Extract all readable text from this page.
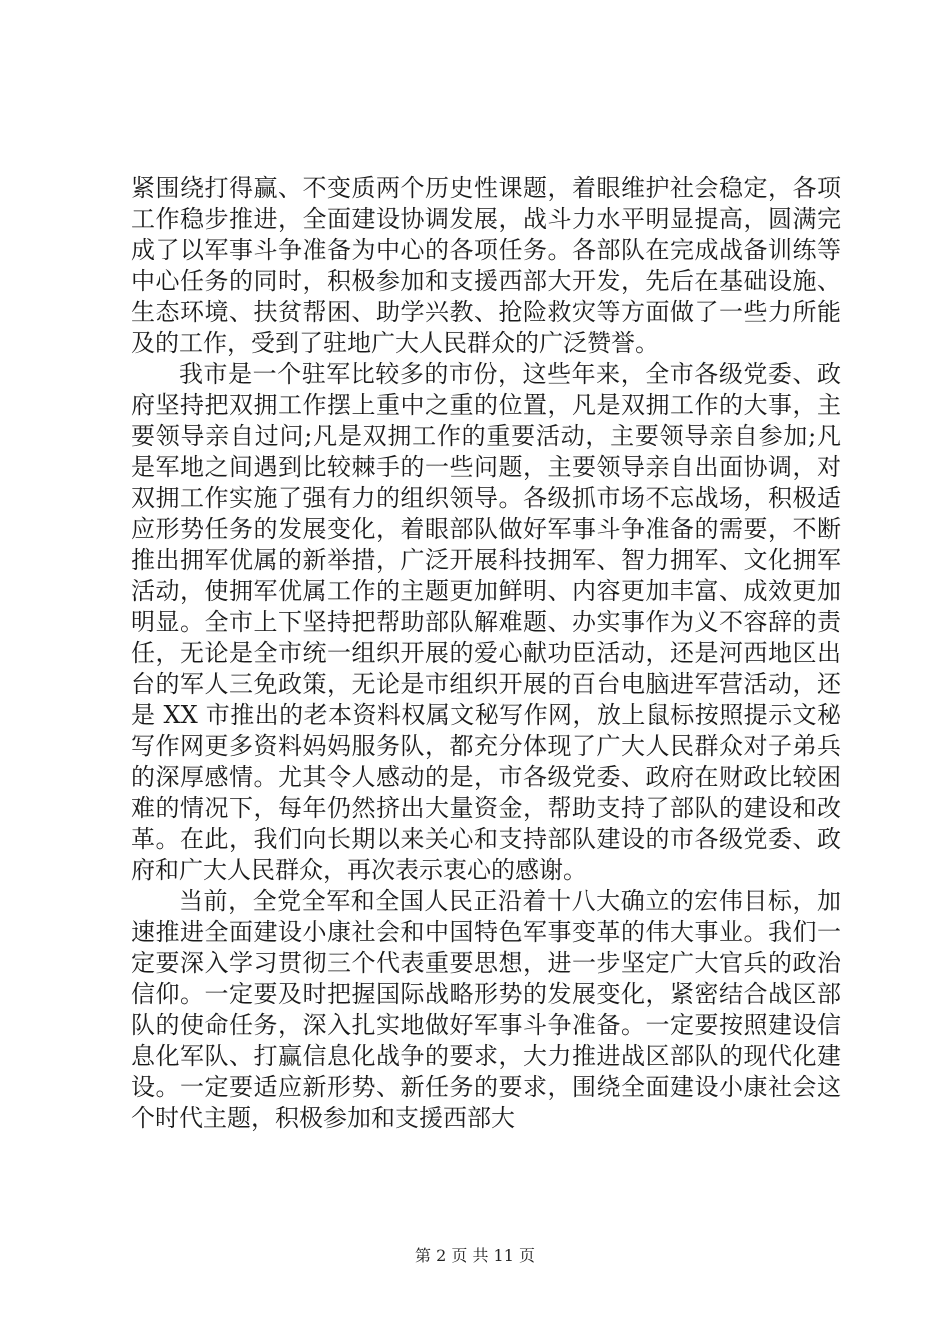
紧围绕打得赢、不变质两个历史性课题，着眼维护社会稳定，各项工作稳步推进，全面建设协调发展，战斗力水平明显提高，圆满完成了以军事斗争准备为中心的各项任务。各部队在完成战备训练等中心任务的同时，积极参加和支援西部大开发，先后在基础设施、生态环境、扶贫帮困、助学兴教、抢险救灾等方面做了一些力所能及的工作，受到了驻地广大人民群众的广泛赞誉。

我市是一个驻军比较多的市份，这些年来，全市各级党委、政府坚持把双拥工作摆上重中之重的位置，凡是双拥工作的大事，主要领导亲自过问;凡是双拥工作的重要活动，主要领导亲自参加;凡是军地之间遇到比较棘手的一些问题，主要领导亲自出面协调，对双拥工作实施了强有力的组织领导。各级抓市场不忘战场，积极适应形势任务的发展变化，着眼部队做好军事斗争准备的需要，不断推出拥军优属的新举措，广泛开展科技拥军、智力拥军、文化拥军活动，使拥军优属工作的主题更加鲜明、内容更加丰富、成效更加明显。全市上下坚持把帮助部队解难题、办实事作为义不容辞的责任，无论是全市统一组织开展的爱心献功臣活动，还是河西地区出台的军人三免政策，无论是市组织开展的百台电脑进军营活动，还是 XX 市推出的老本资料权属文秘写作网，放上鼠标按照提示文秘写作网更多资料妈妈服务队，都充分体现了广大人民群众对子弟兵的深厚感情。尤其令人感动的是，市各级党委、政府在财政比较困难的情况下，每年仍然挤出大量资金，帮助支持了部队的建设和改革。在此，我们向长期以来关心和支持部队建设的市各级党委、政府和广大人民群众，再次表示衷心的感谢。

当前，全党全军和全国人民正沿着十八大确立的宏伟目标，加速推进全面建设小康社会和中国特色军事变革的伟大事业。我们一定要深入学习贯彻三个代表重要思想，进一步坚定广大官兵的政治信仰。一定要及时把握国际战略形势的发展变化，紧密结合战区部队的使命任务，深入扎实地做好军事斗争准备。一定要按照建设信息化军队、打赢信息化战争的要求，大力推进战区部队的现代化建设。一定要适应新形势、新任务的要求，围绕全面建设小康社会这个时代主题，积极参加和支援西部大

第 2 页 共 11 页
